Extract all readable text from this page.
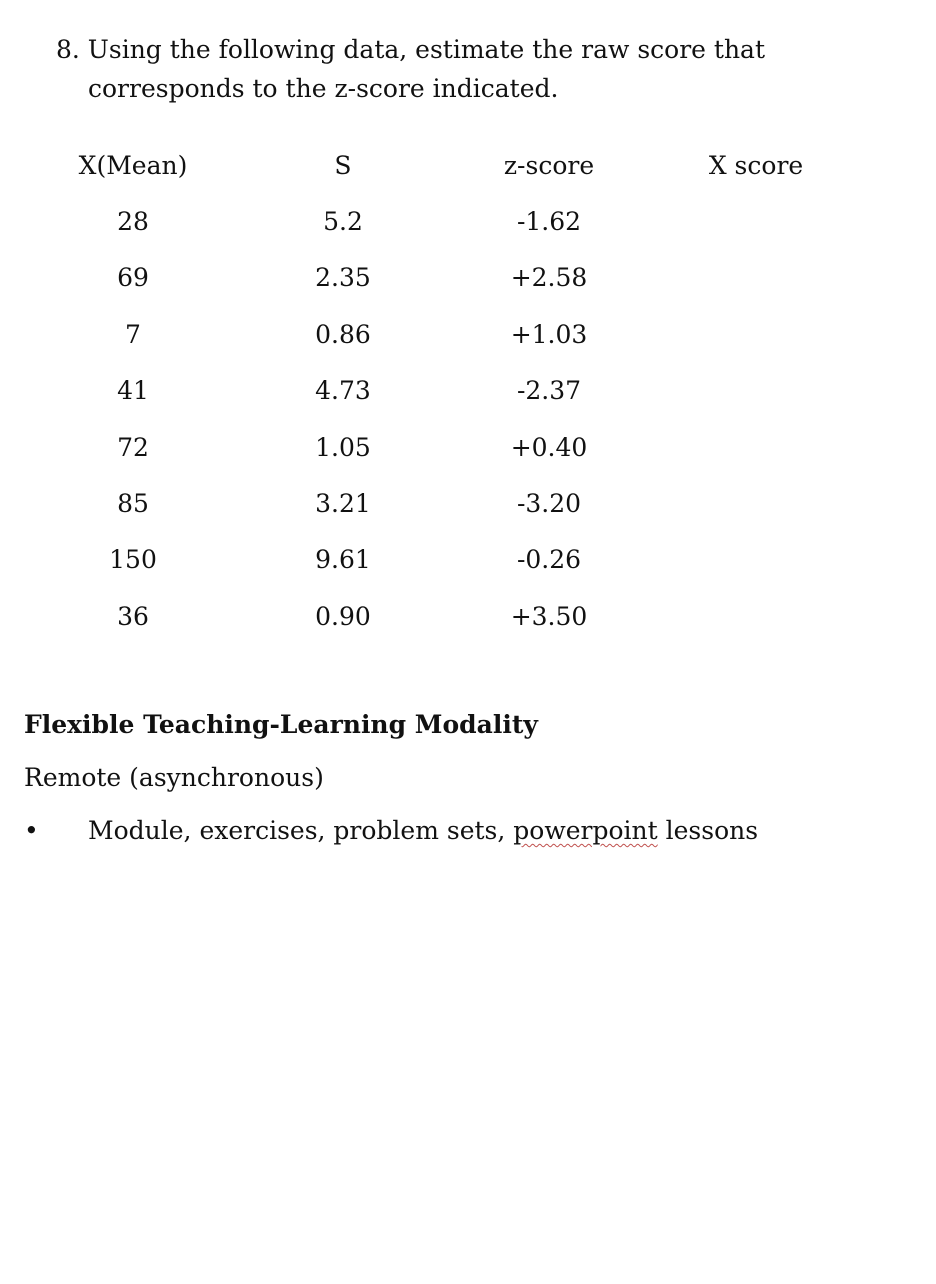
8. Using the following data, estimate the raw score that
corresponds to the z-score indicated.
X(Mean)	S	z-score	X score
28	5.2	-1.62	
69	2.35	+2.58	
7	0.86	+1.03	
41	4.73	-2.37	
72	1.05	+0.40	
85	3.21	-3.20	
150	9.61	-0.26	
36	0.90	+3.50	
Flexible Teaching-Learning Modality
Remote (asynchronous)
• Module, exercises, problem sets, powerpoint lessons
